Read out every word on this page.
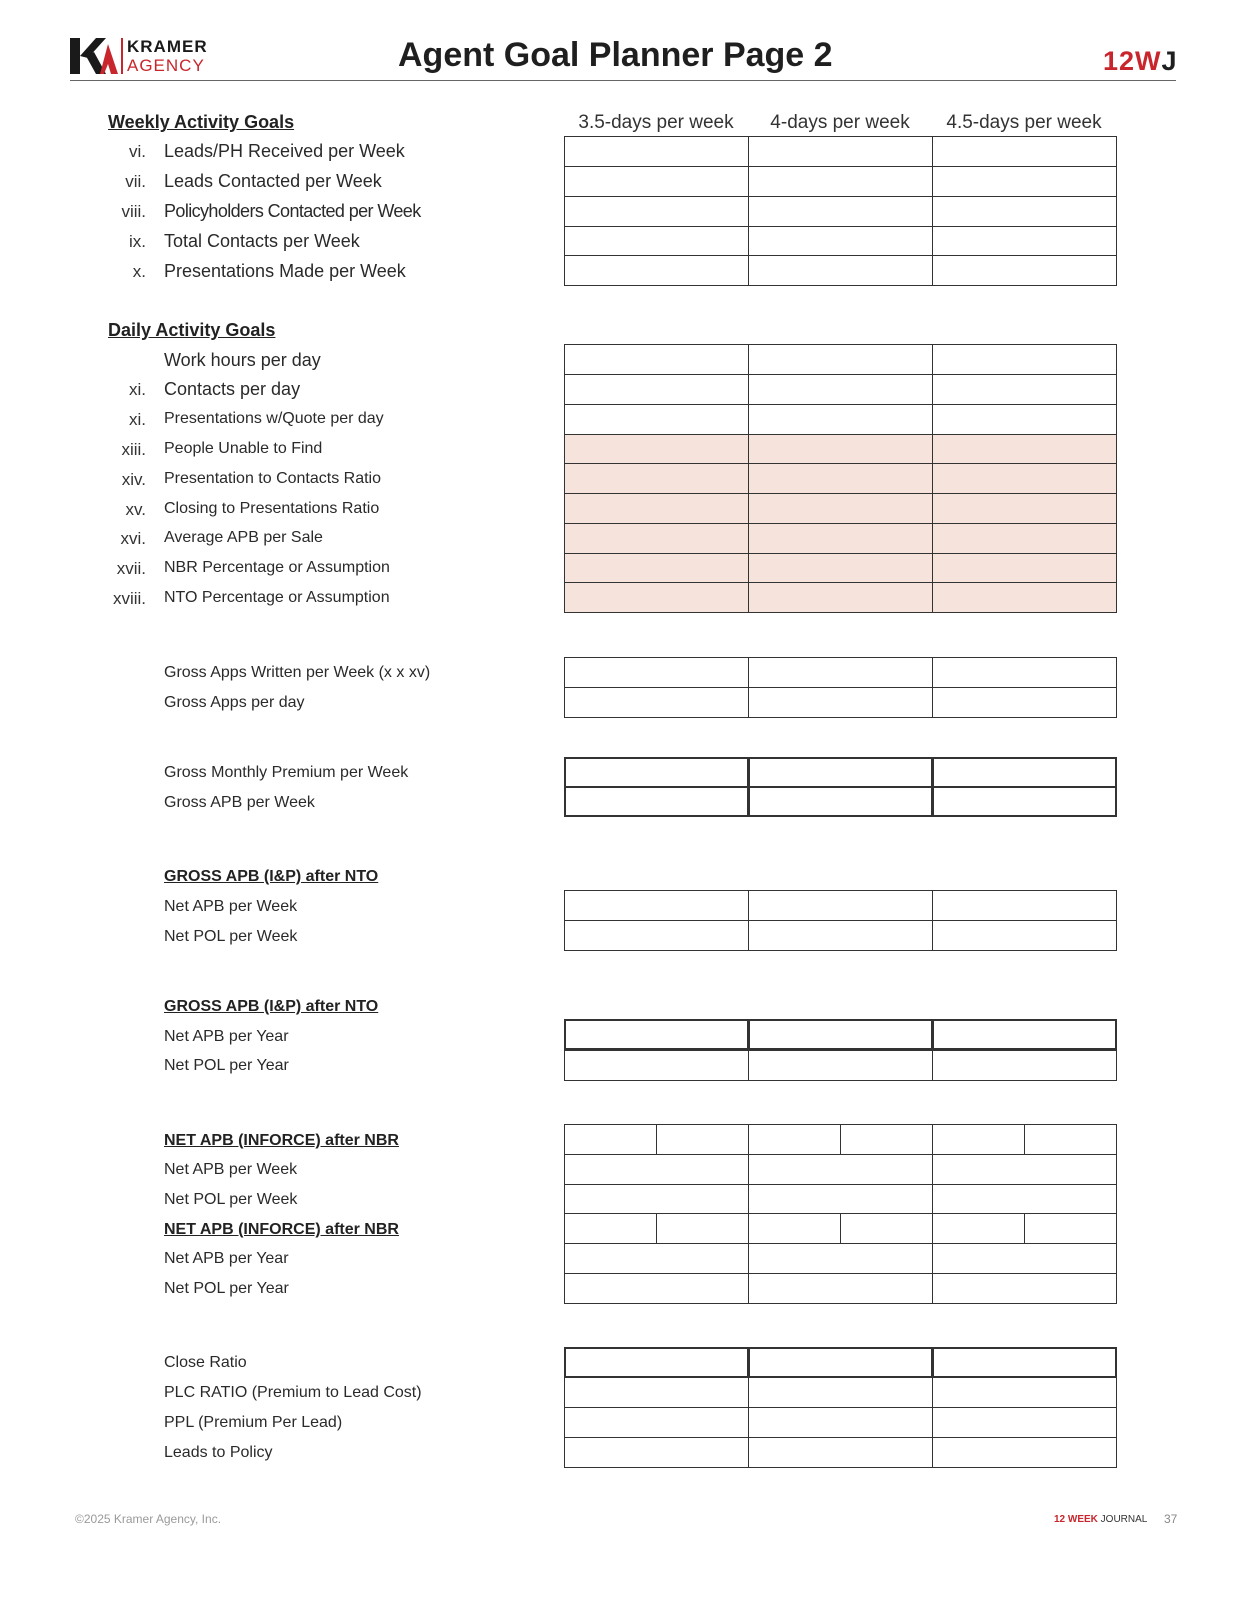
KRAMER
AGENCY	Agent Goal Planner Page 2	12WJ
3.5-days per week	4-days per week	4.5-days per week
Weekly Activity Goals
vi. Leads/PH Received per Week
vii. Leads Contacted per Week
viii. Policyholders Contacted per Week
ix. Total Contacts per Week
x. Presentations Made per Week
Daily Activity Goals
Work hours per day
xi. Contacts per day
xi. Presentations w/Quote per day
xiii. People Unable to Find
xiv. Presentation to Contacts Ratio
xv. Closing to Presentations Ratio
xvi. Average APB per Sale
xvii. NBR Percentage or Assumption
xviii. NTO Percentage or Assumption
Gross Apps Written per Week (x x xv)
Gross Apps per day
Gross Monthly Premium per Week
Gross APB per Week
GROSS APB (I&P) after NTO
Net APB per Week
Net POL per Week
GROSS APB (I&P) after NTO
Net APB per Year
Net POL per Year
NET APB (INFORCE) after NBR
Net APB per Week
Net POL per Week
NET APB (INFORCE) after NBR
Net APB per Year
Net POL per Year
Close Ratio
PLC RATIO (Premium to Lead Cost)
PPL (Premium Per Lead)
Leads to Policy
©2025 Kramer Agency, Inc.	12 WEEK JOURNAL 37
